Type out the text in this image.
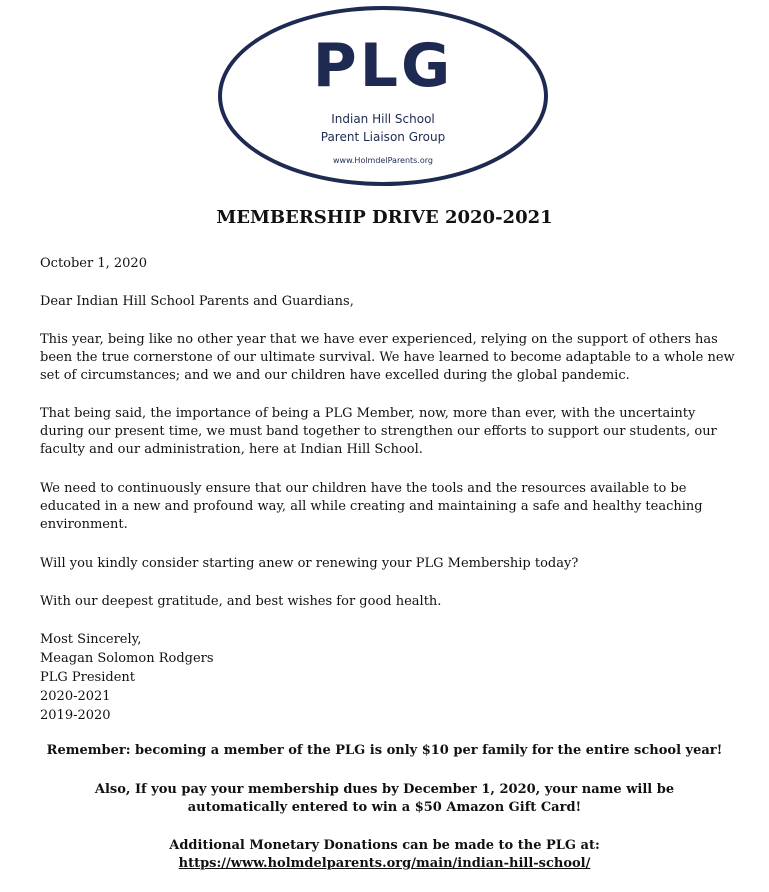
PLG
Indian Hill School
Parent Liaison Group
www.HolmdelParents.org
MEMBERSHIP DRIVE 2020-2021

October 1, 2020

Dear Indian Hill School Parents and Guardians,

This year, being like no other year that we have ever experienced, relying on the support of others has been the true cornerstone of our ultimate survival. We have learned to become adaptable to a whole new set of circumstances; and we and our children have excelled during the global pandemic.

That being said, the importance of being a PLG Member, now, more than ever, with the uncertainty during our present time, we must band together to strengthen our efforts to support our students, our faculty and our administration, here at Indian Hill School.

We need to continuously ensure that our children have the tools and the resources available to be educated in a new and profound way, all while creating and maintaining a safe and healthy teaching environment.

Will you kindly consider starting anew or renewing your PLG Membership today?

With our deepest gratitude, and best wishes for good health.

Most Sincerely,
Meagan Solomon Rodgers
PLG President
2020-2021
2019-2020
Remember: becoming a member of the PLG is only $10 per family for the entire school year!
Also, If you pay your membership dues by December 1, 2020, your name will be
automatically entered to win a $50 Amazon Gift Card!
Additional Monetary Donations can be made to the PLG at:
https://www.holmdelparents.org/main/indian-hill-school/
